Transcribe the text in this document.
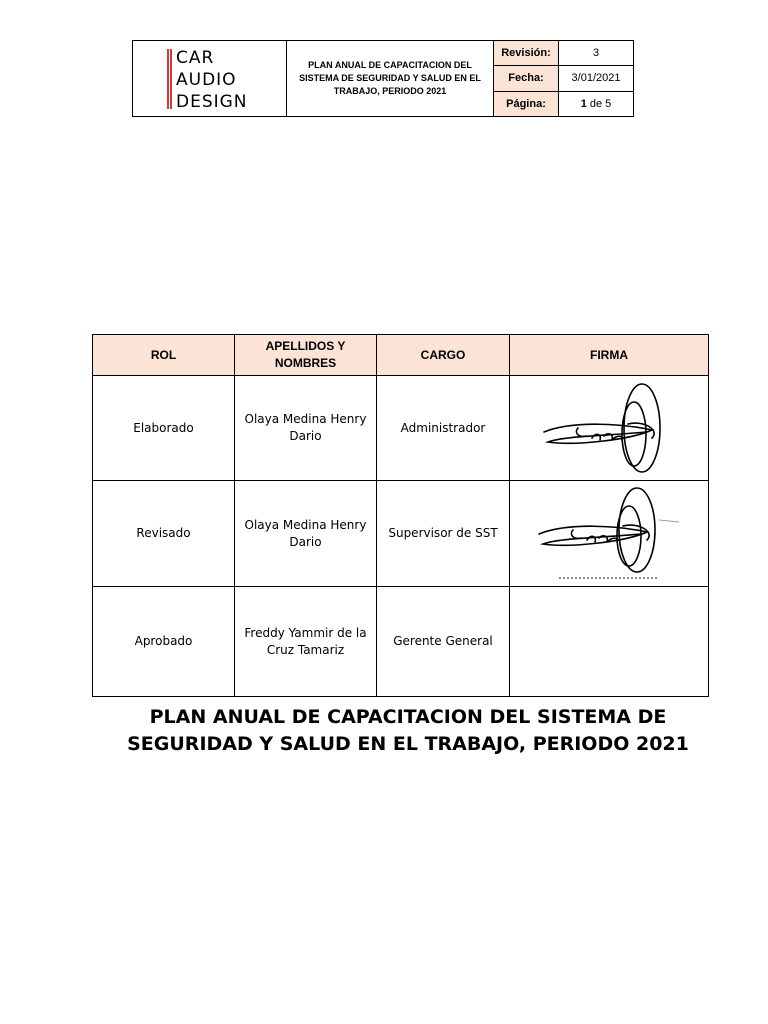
CAR
AUDIO
DESIGN
PLAN ANUAL DE CAPACITACION DEL SISTEMA DE SEGURIDAD Y SALUD EN EL TRABAJO, PERIODO 2021
Revisión:	3
Fecha:	3/01/2021
Página:	1 de 5
ROL	APELLIDOS Y NOMBRES	CARGO	FIRMA
Elaborado	Olaya Medina Henry Dario	Administrador	

Revisado	Olaya Medina Henry Dario	Supervisor de SST	

Aprobado	Freddy Yammir de la Cruz Tamariz	Gerente General	
PLAN ANUAL DE CAPACITACION DEL SISTEMA DE SEGURIDAD Y SALUD EN EL TRABAJO, PERIODO 2021
